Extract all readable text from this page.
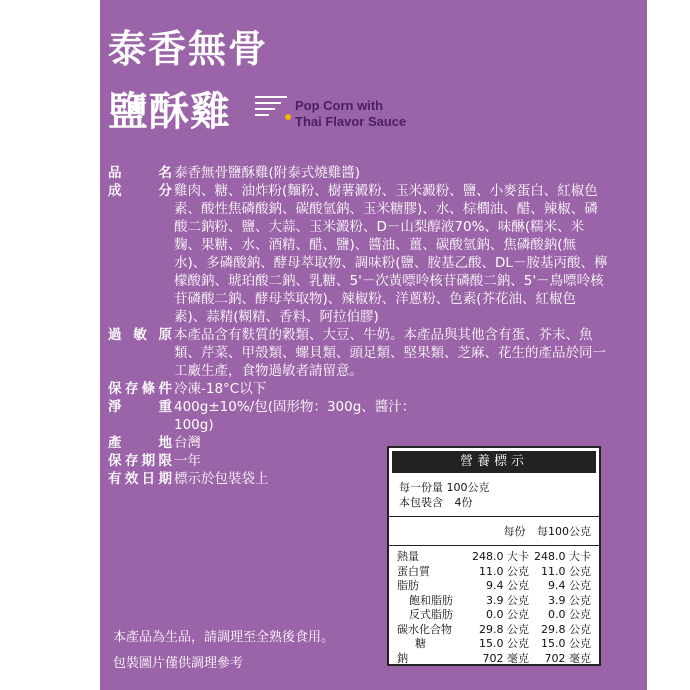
泰香無骨
鹽酥雞	Pop Corn with
Thai Flavor Sauce
品　名 泰香無骨鹽酥雞(附泰式燒雞醬)
成　分 雞肉、糖、油炸粉(麵粉、樹薯澱粉、玉米澱粉、鹽、小麥蛋白、紅椒色素、酸性焦磷酸鈉、碳酸氫鈉、玉米糖膠)、水、棕櫚油、醋、辣椒、磷酸二鈉粉、鹽、大蒜、玉米澱粉、D－山梨醇液70%、味醂(糯米、米麴、果糖、水、酒精、醋、鹽)、醬油、薑、碳酸氫鈉、焦磷酸鈉(無水)、多磷酸鈉、酵母萃取物、調味粉(鹽、胺基乙酸、DL－胺基丙酸、檸檬酸鈉、琥珀酸二鈉、乳糖、5'－次黃嘌呤核苷磷酸二鈉、5'－鳥嘌呤核苷磷酸二鈉、酵母萃取物)、辣椒粉、洋蔥粉、色素(芥花油、紅椒色素)、蒜精(糊精、香料、阿拉伯膠)
過 敏 原 本產品含有麩質的穀類、大豆、牛奶。本產品與其他含有蛋、芥末、魚類、芹菜、甲殼類、螺貝類、頭足類、堅果類、芝麻、花生的產品於同一工廠生產，食物過敏者請留意。
保存條件 冷凍-18°C以下
淨　重 400g±10%/包(固形物：300g、醬汁：100g)
產　地 台灣
保存期限 一年
有效日期 標示於包裝袋上
營養標示
每一份量 100公克
本包裝含 4份
每份 每100公克
熱量	248.0 大卡 248.0 大卡
蛋白質	11.0 公克	11.0 公克
脂肪	9.4 公克	9.4 公克
飽和脂肪	3.9 公克	3.9 公克
反式脂肪	0.0 公克	0.0 公克
碳水化合物	29.8 公克	29.8 公克
糖	15.0 公克	15.0 公克
鈉	702 毫克	702 毫克
本產品為生品，請調理至全熟後食用。
包裝圖片僅供調理參考
